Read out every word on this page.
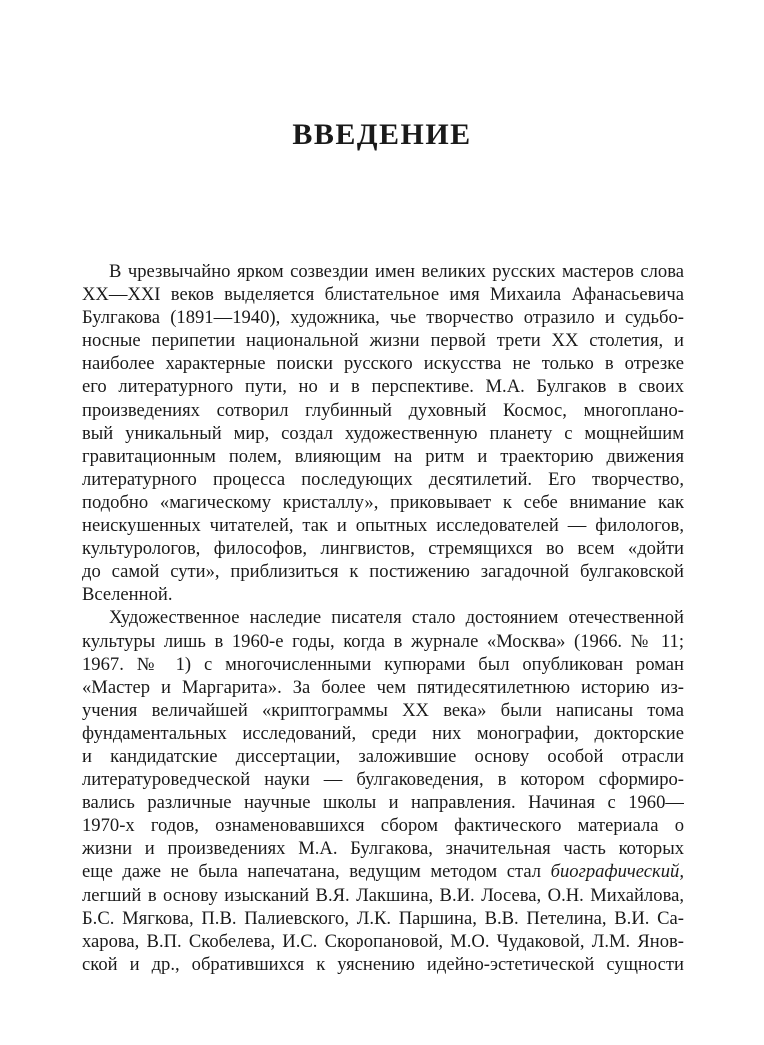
ВВЕДЕНИЕ
В чрезвычайно ярком созвездии имен великих русских мастеров слова
XX—XXI веков выделяется блистательное имя Михаила Афанасьевича
Булгакова (1891—1940), художника, чье творчество отразило и судьбо-
носные перипетии национальной жизни первой трети XX столетия, и
наиболее характерные поиски русского искусства не только в отрезке
его литературного пути, но и в перспективе. М.А. Булгаков в своих
произведениях сотворил глубинный духовный Космос, многоплано-
вый уникальный мир, создал художественную планету с мощнейшим
гравитационным полем, влияющим на ритм и траекторию движения
литературного процесса последующих десятилетий. Его творчество,
подобно «магическому кристаллу», приковывает к себе внимание как
неискушенных читателей, так и опытных исследователей — филологов,
культурологов, философов, лингвистов, стремящихся во всем «дойти
до самой сути», приблизиться к постижению загадочной булгаковской
Вселенной.
Художественное наследие писателя стало достоянием отечественной
культуры лишь в 1960-е годы, когда в журнале «Москва» (1966. № 11;
1967. № 1) с многочисленными купюрами был опубликован роман
«Мастер и Маргарита». За более чем пятидесятилетнюю историю из-
учения величайшей «криптограммы XX века» были написаны тома
фундаментальных исследований, среди них монографии, докторские
и кандидатские диссертации, заложившие основу особой отрасли
литературоведческой науки — булгаковедения, в котором сформиро-
вались различные научные школы и направления. Начиная с 1960—
1970-х годов, ознаменовавшихся сбором фактического материала о
жизни и произведениях М.А. Булгакова, значительная часть которых
еще даже не была напечатана, ведущим методом стал биографический,
легший в основу изысканий В.Я. Лакшина, В.И. Лосева, О.Н. Михайлова,
Б.С. Мягкова, П.В. Палиевского, Л.К. Паршина, В.В. Петелина, В.И. Са-
харова, В.П. Скобелева, И.С. Скоропановой, М.О. Чудаковой, Л.М. Янов-
ской и др., обратившихся к уяснению идейно-эстетической сущности
